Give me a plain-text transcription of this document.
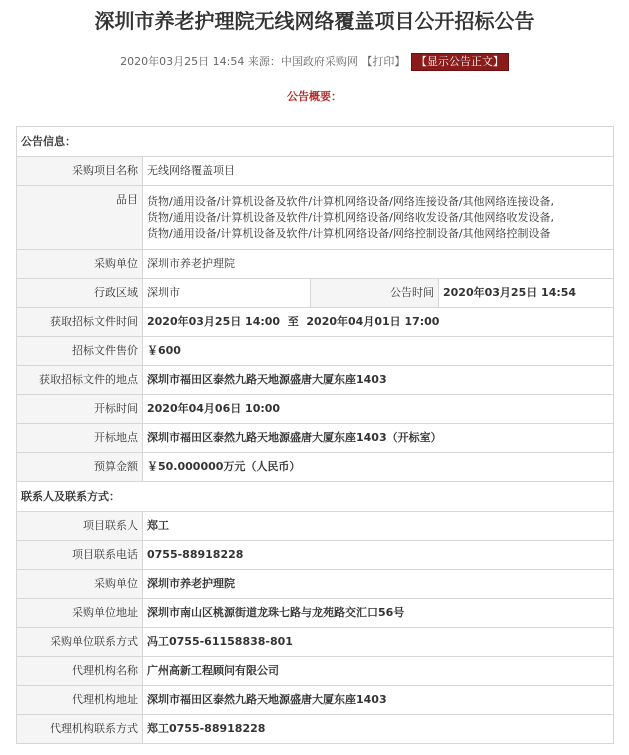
深圳市养老护理院无线网络覆盖项目公开招标公告
2020年03月25日 14:54 来源：中国政府采购网 【打印】 【显示公告正文】
公告概要：
公告信息：			
采购项目名称	无线网络覆盖项目		
品目	货物/通用设备/计算机设备及软件/计算机网络设备/网络连接设备/其他网络连接设备,
货物/通用设备/计算机设备及软件/计算机网络设备/网络收发设备/其他网络收发设备,
货物/通用设备/计算机设备及软件/计算机网络设备/网络控制设备/其他网络控制设备		

采购单位	深圳市养老护理院		
行政区域	深圳市	公告时间	2020年03月25日 14:54
获取招标文件时间	2020年03月25日 14:00  至  2020年04月01日 17:00		
招标文件售价	￥600		
获取招标文件的地点	深圳市福田区泰然九路天地源盛唐大厦东座1403		
开标时间	2020年04月06日 10:00		
开标地点	深圳市福田区泰然九路天地源盛唐大厦东座1403（开标室）		
预算金额	￥50.000000万元（人民币）		
联系人及联系方式：			
项目联系人	郑工		
项目联系电话	0755-88918228		
采购单位	深圳市养老护理院		
采购单位地址	深圳市南山区桃源街道龙珠七路与龙苑路交汇口56号		
采购单位联系方式	冯工0755-61158838-801		
代理机构名称	广州高新工程顾问有限公司		
代理机构地址	深圳市福田区泰然九路天地源盛唐大厦东座1403		
代理机构联系方式	郑工0755-88918228		
